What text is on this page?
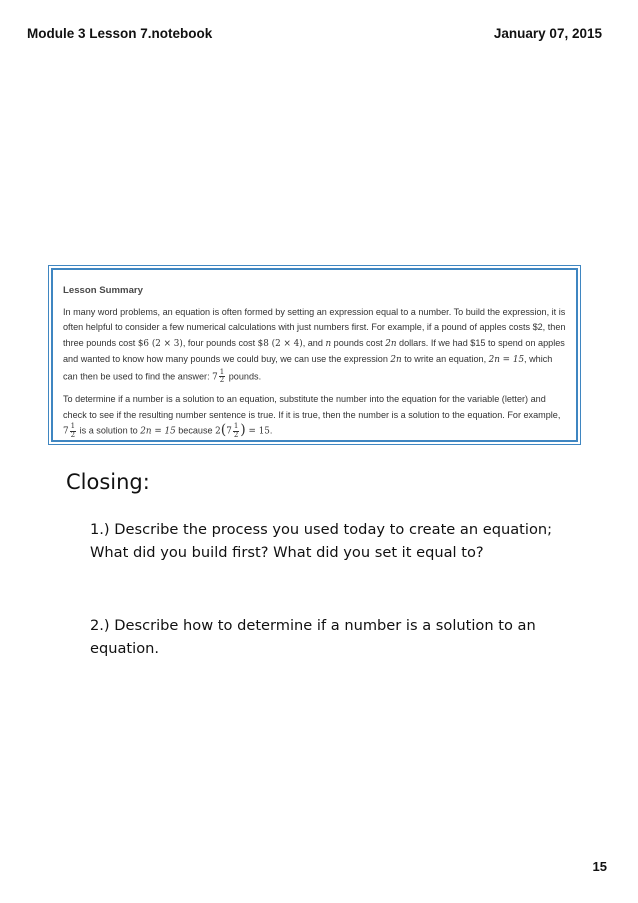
Module 3 Lesson 7.notebook	January 07, 2015
Lesson Summary

In many word problems, an equation is often formed by setting an expression equal to a number. To build the expression, it is often helpful to consider a few numerical calculations with just numbers first. For example, if a pound of apples costs $2, then three pounds cost $6 (2 × 3), four pounds cost $8 (2 × 4), and n pounds cost 2n dollars. If we had $15 to spend on apples and wanted to know how many pounds we could buy, we can use the expression 2n to write an equation, 2n = 15, which can then be used to find the answer: $7 \frac{1}{2}$ pounds.

To determine if a number is a solution to an equation, substitute the number into the equation for the variable (letter) and check to see if the resulting number sentence is true. If it is true, then the number is a solution to the equation. For example, $7 \frac{1}{2}$ is a solution to 2n = 15 because $2(7 \frac{1}{2}$ ) = 15.

Closing:

1.) Describe the process you used today to create an equation; What did you build first? What did you set it equal to?

2.) Describe how to determine if a number is a solution to an equation.

15
